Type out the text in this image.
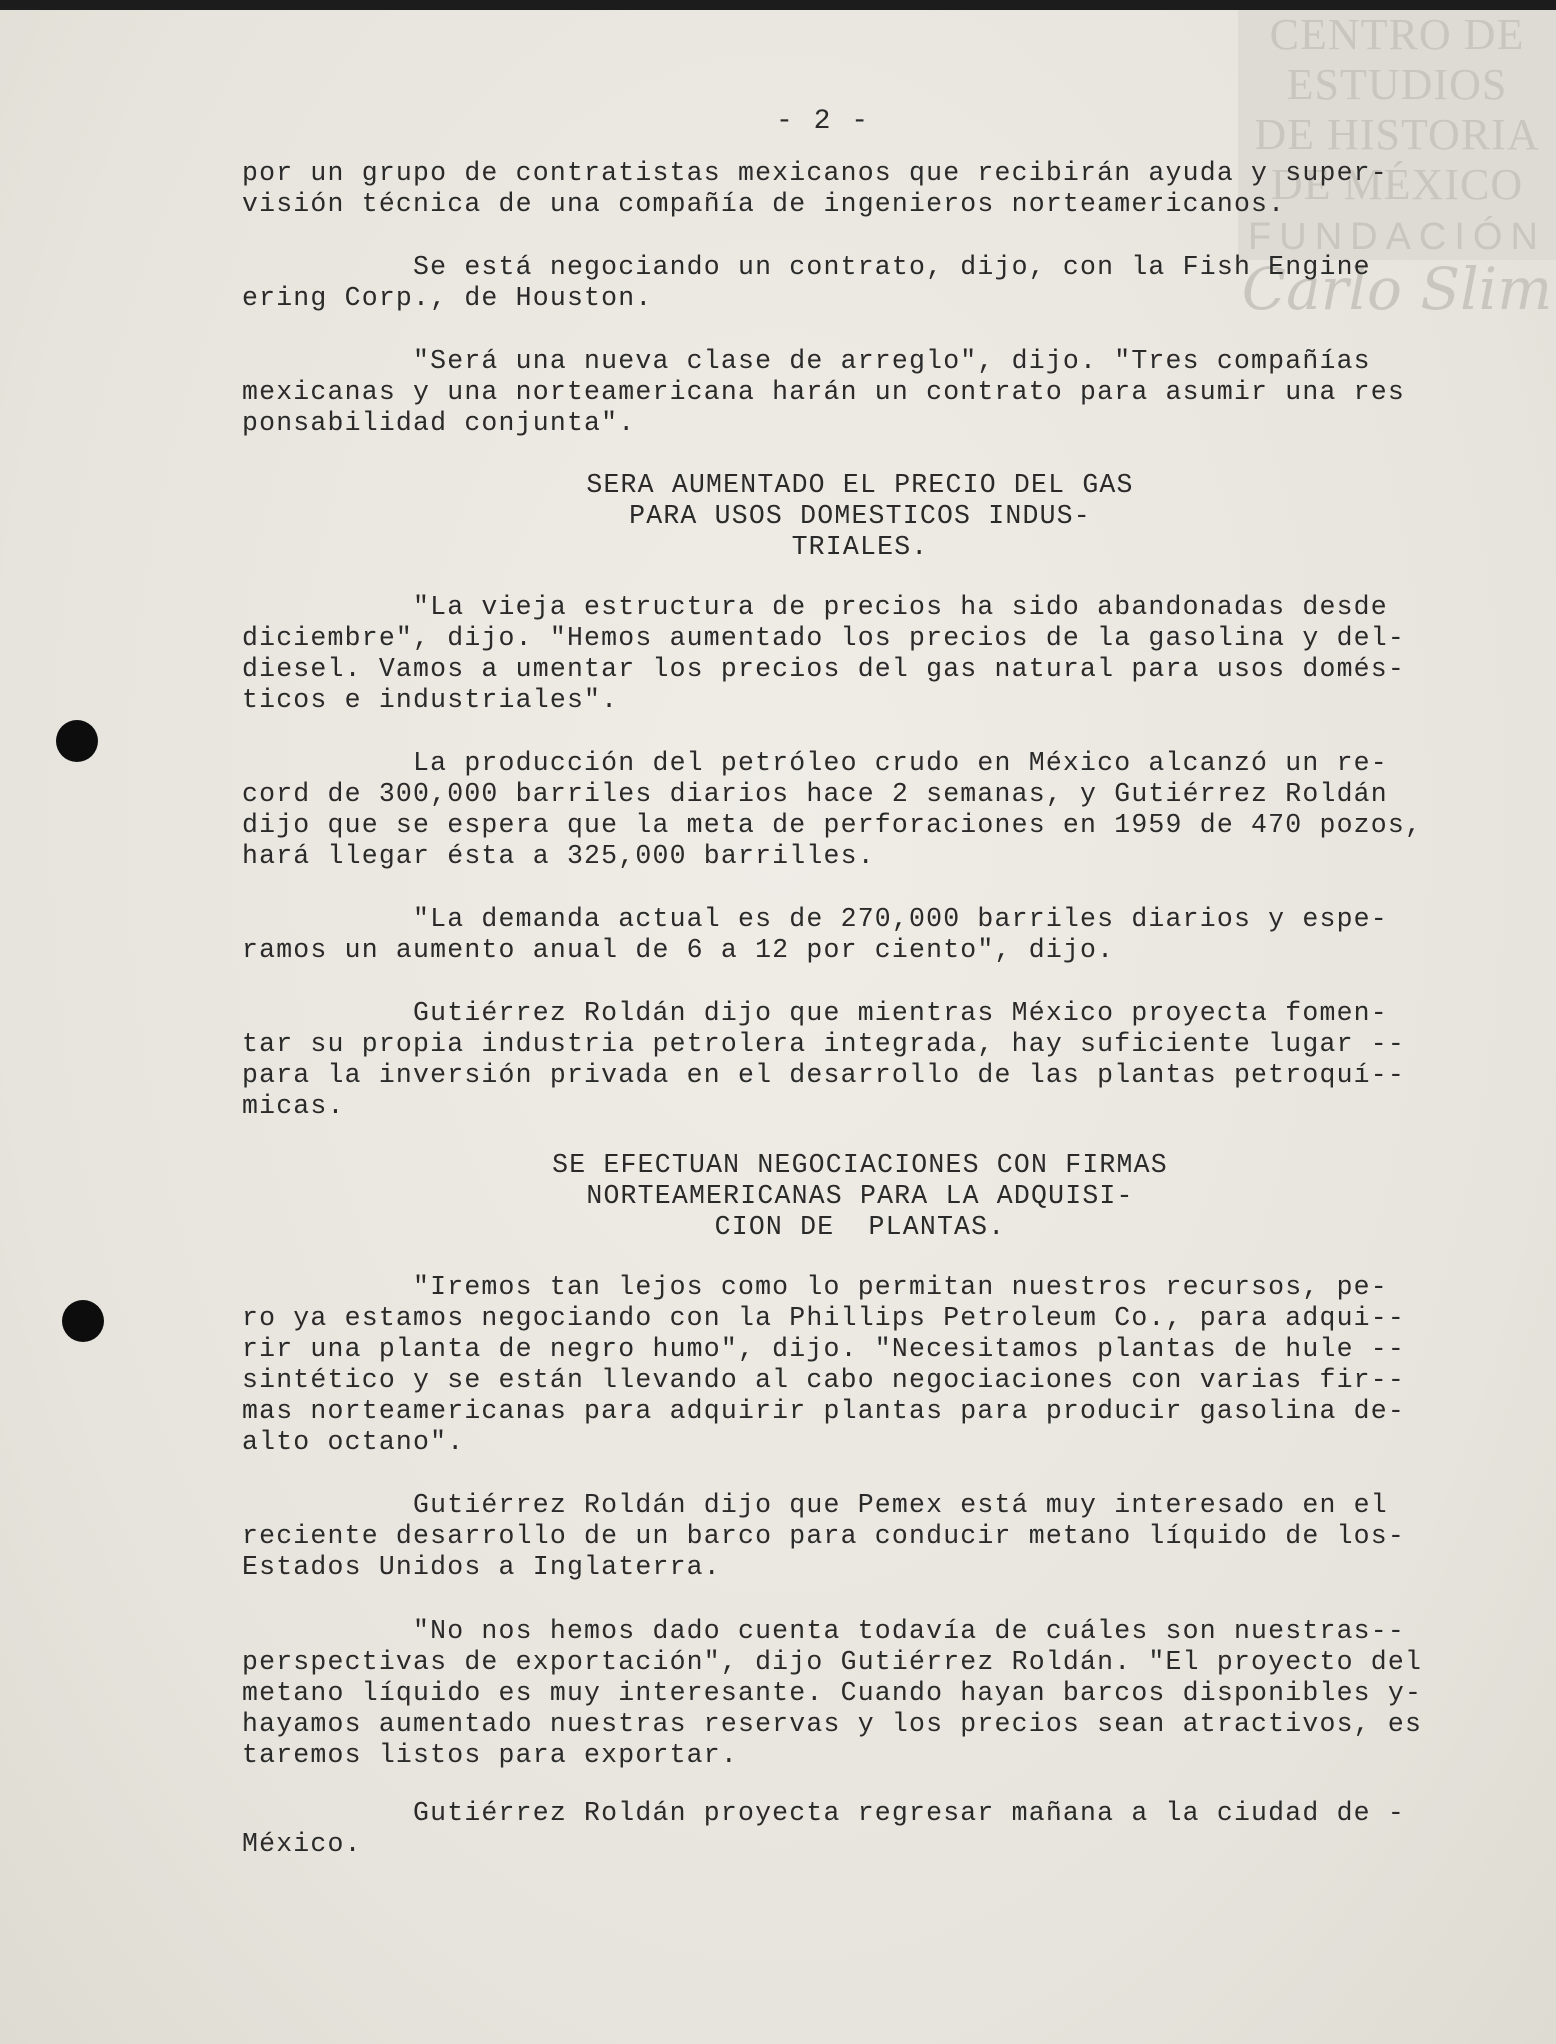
CENTRO DE
ESTUDIOS
DE HISTORIA
DE MÉXICO
FUNDACIÓN
Carlo Slim
- 2 -

por un grupo de contratistas mexicanos que recibirán ayuda y super-
visión técnica de una compañía de ingenieros norteamericanos.

Se está negociando un contrato, dijo, con la Fish Engine
ering Corp., de Houston.

"Será una nueva clase de arreglo", dijo. "Tres compañías
mexicanas y una norteamericana harán un contrato para asumir una res
ponsabilidad conjunta".

SERA AUMENTADO EL PRECIO DEL GAS
PARA USOS DOMESTICOS INDUS-
TRIALES.

"La vieja estructura de precios ha sido abandonadas desde
diciembre", dijo. "Hemos aumentado los precios de la gasolina y del-
diesel. Vamos a umentar los precios del gas natural para usos domés-
ticos e industriales".

La producción del petróleo crudo en México alcanzó un re-
cord de 300,000 barriles diarios hace 2 semanas, y Gutiérrez Roldán
dijo que se espera que la meta de perforaciones en 1959 de 470 pozos,
hará llegar ésta a 325,000 barrilles.

"La demanda actual es de 270,000 barriles diarios y espe-
ramos un aumento anual de 6 a 12 por ciento", dijo.

Gutiérrez Roldán dijo que mientras México proyecta fomen-
tar su propia industria petrolera integrada, hay suficiente lugar --
para la inversión privada en el desarrollo de las plantas petroquí--
micas.

SE EFECTUAN NEGOCIACIONES CON FIRMAS
NORTEAMERICANAS PARA LA ADQUISI-
CION DE  PLANTAS.

"Iremos tan lejos como lo permitan nuestros recursos, pe-
ro ya estamos negociando con la Phillips Petroleum Co., para adqui--
rir una planta de negro humo", dijo. "Necesitamos plantas de hule --
sintético y se están llevando al cabo negociaciones con varias fir--
mas norteamericanas para adquirir plantas para producir gasolina de-
alto octano".

Gutiérrez Roldán dijo que Pemex está muy interesado en el
reciente desarrollo de un barco para conducir metano líquido de los-
Estados Unidos a Inglaterra.

"No nos hemos dado cuenta todavía de cuáles son nuestras--
perspectivas de exportación", dijo Gutiérrez Roldán. "El proyecto del
metano líquido es muy interesante. Cuando hayan barcos disponibles y-
hayamos aumentado nuestras reservas y los precios sean atractivos, es
taremos listos para exportar.

Gutiérrez Roldán proyecta regresar mañana a la ciudad de -
México.
